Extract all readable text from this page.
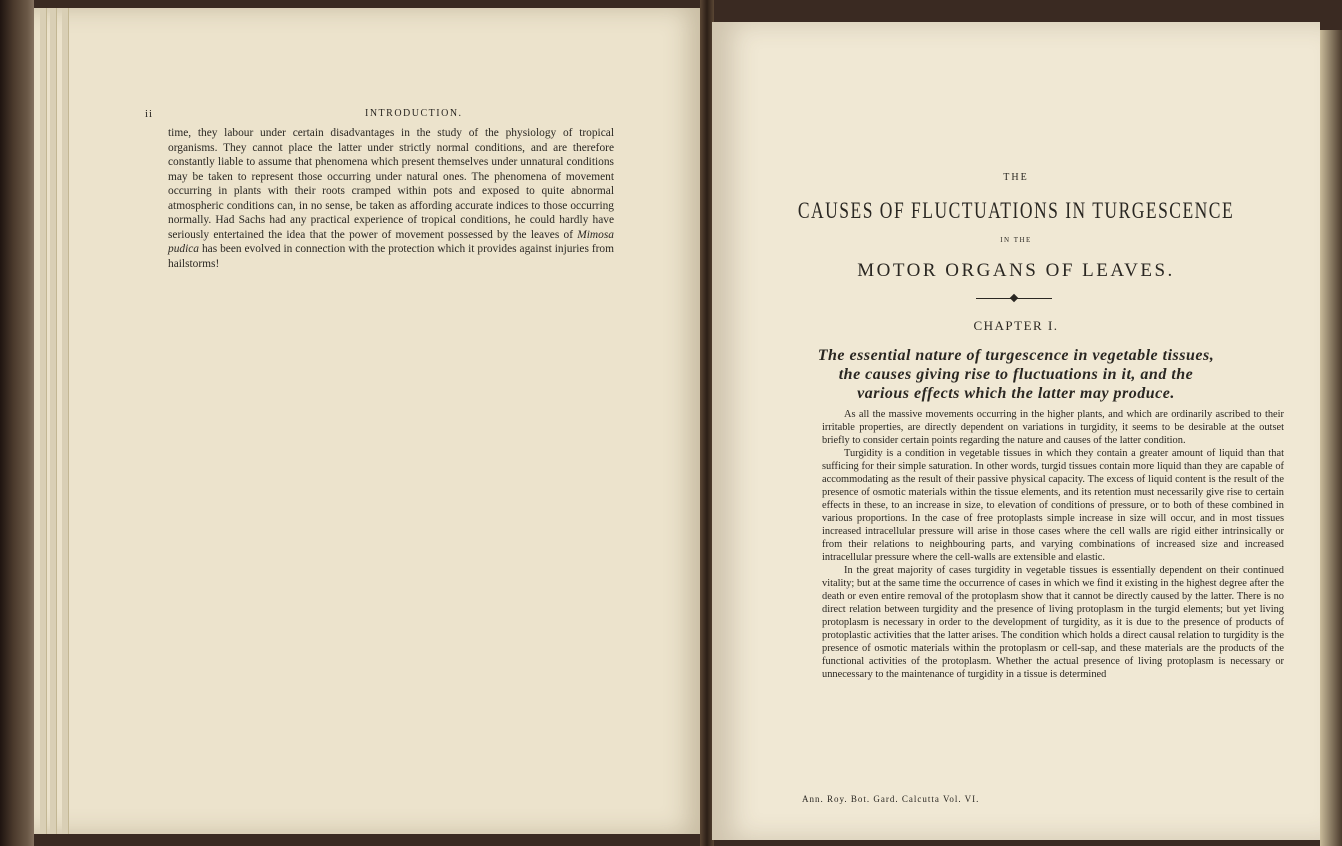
ii	INTRODUCTION.
time, they labour under certain disadvantages in the study of the physiology of tropical organisms. They cannot place the latter under strictly normal conditions, and are therefore constantly liable to assume that phenomena which present themselves under unnatural conditions may be taken to represent those occurring under natural ones. The phenomena of movement occurring in plants with their roots cramped within pots and exposed to quite abnormal atmospheric conditions can, in no sense, be taken as affording accurate indices to those occurring normally. Had Sachs had any practical experience of tropical conditions, he could hardly have seriously entertained the idea that the power of movement possessed by the leaves of Mimosa pudica has been evolved in connection with the protection which it provides against injuries from hailstorms!
THE
CAUSES OF FLUCTUATIONS IN TURGESCENCE
IN THE
MOTOR ORGANS OF LEAVES.
CHAPTER I.
The essential nature of turgescence in vegetable tissues, the causes giving rise to fluctuations in it, and the various effects which the latter may produce.

As all the massive movements occurring in the higher plants, and which are ordinarily ascribed to their irritable properties, are directly dependent on variations in turgidity, it seems to be desirable at the outset briefly to consider certain points regarding the nature and causes of the latter condition.

Turgidity is a condition in vegetable tissues in which they contain a greater amount of liquid than that sufficing for their simple saturation. In other words, turgid tissues contain more liquid than they are capable of accommodating as the result of their passive physical capacity. The excess of liquid content is the result of the presence of osmotic materials within the tissue elements, and its retention must necessarily give rise to certain effects in these, to an increase in size, to elevation of conditions of pressure, or to both of these combined in various proportions. In the case of free protoplasts simple increase in size will occur, and in most tissues increased intracellular pressure will arise in those cases where the cell walls are rigid either intrinsically or from their relations to neighbouring parts, and varying combinations of increased size and increased intracellular pressure where the cell-walls are extensible and elastic.

In the great majority of cases turgidity in vegetable tissues is essentially dependent on their continued vitality; but at the same time the occurrence of cases in which we find it existing in the highest degree after the death or even entire removal of the protoplasm show that it cannot be directly caused by the latter. There is no direct relation between turgidity and the presence of living protoplasm in the turgid elements; but yet living protoplasm is necessary in order to the development of turgidity, as it is due to the presence of products of protoplastic activities that the latter arises. The condition which holds a direct causal relation to turgidity is the presence of osmotic materials within the protoplasm or cell-sap, and these materials are the products of the functional activities of the protoplasm. Whether the actual presence of living protoplasm is necessary or unnecessary to the maintenance of turgidity in a tissue is determined

Ann. Roy. Bot. Gard. Calcutta Vol. VI.
